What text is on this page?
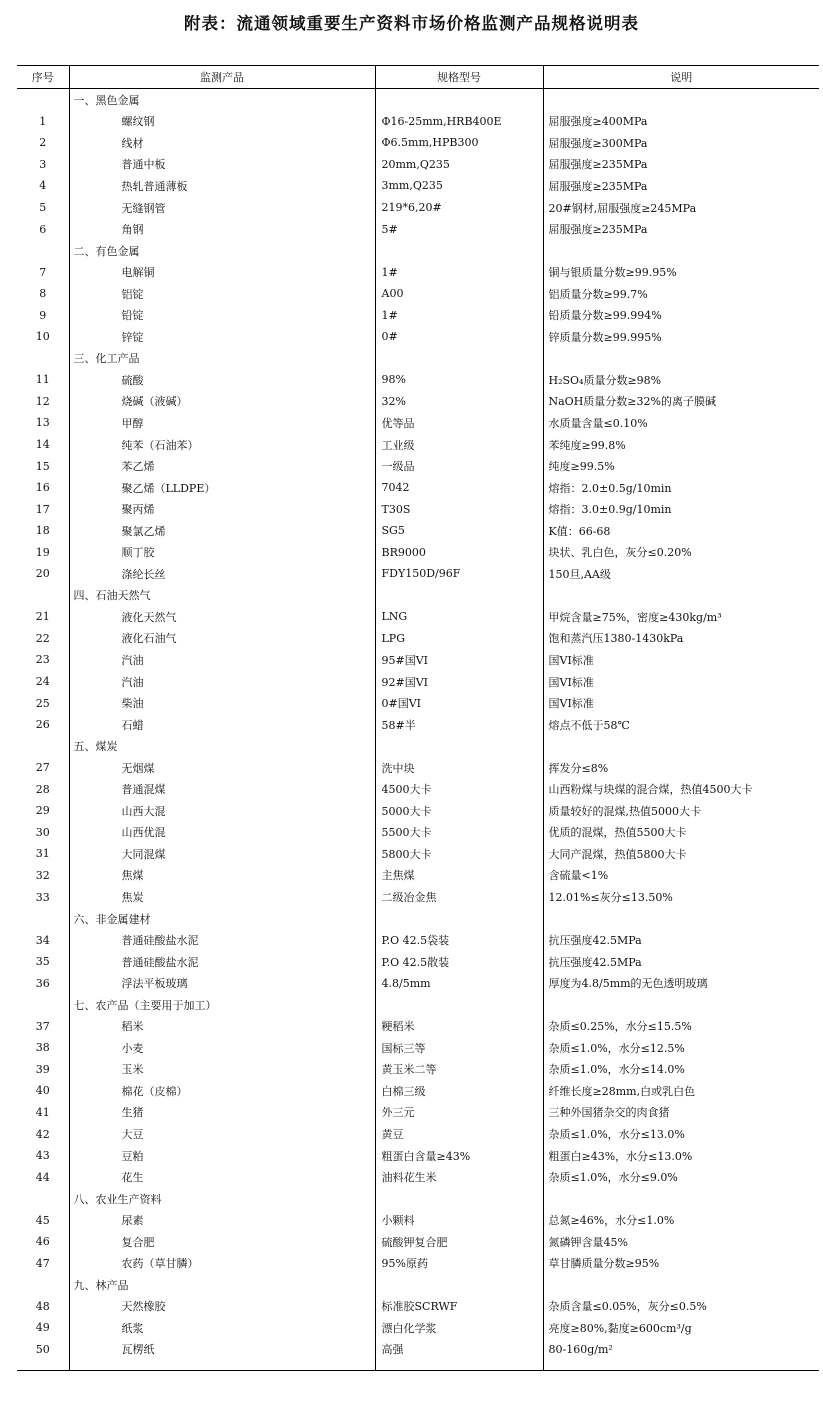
附表：流通领域重要生产资料市场价格监测产品规格说明表
序号	监测产品	规格型号	说明
	一、黑色金属		
1	螺纹钢	Φ16-25mm,HRB400E	屈服强度≥400MPa
2	线材	Φ6.5mm,HPB300	屈服强度≥300MPa
3	普通中板	20mm,Q235	屈服强度≥235MPa
4	热轧普通薄板	3mm,Q235	屈服强度≥235MPa
5	无缝钢管	219*6,20#	20#钢材,屈服强度≥245MPa
6	角钢	5#	屈服强度≥235MPa
	二、有色金属		
7	电解铜	1#	铜与银质量分数≥99.95%
8	铝锭	A00	铝质量分数≥99.7%
9	铅锭	1#	铅质量分数≥99.994%
10	锌锭	0#	锌质量分数≥99.995%
	三、化工产品		
11	硫酸	98%	H₂SO₄质量分数≥98%
12	烧碱（液碱）	32%	NaOH质量分数≥32%的离子膜碱
13	甲醇	优等品	水质量含量≤0.10%
14	纯苯（石油苯）	工业级	苯纯度≥99.8%
15	苯乙烯	一级品	纯度≥99.5%
16	聚乙烯（LLDPE）	7042	熔指：2.0±0.5g/10min
17	聚丙烯	T30S	熔指：3.0±0.9g/10min
18	聚氯乙烯	SG5	K值：66-68
19	顺丁胶	BR9000	块状、乳白色，灰分≤0.20%
20	涤纶长丝	FDY150D/96F	150旦,AA级
	四、石油天然气		
21	液化天然气	LNG	甲烷含量≥75%，密度≥430kg/m³
22	液化石油气	LPG	饱和蒸汽压1380-1430kPa
23	汽油	95#国VI	国VI标准
24	汽油	92#国VI	国VI标准
25	柴油	0#国VI	国VI标准
26	石蜡	58#半	熔点不低于58℃
	五、煤炭		
27	无烟煤	洗中块	挥发分≤8%
28	普通混煤	4500大卡	山西粉煤与块煤的混合煤，热值4500大卡
29	山西大混	5000大卡	质量较好的混煤,热值5000大卡
30	山西优混	5500大卡	优质的混煤，热值5500大卡
31	大同混煤	5800大卡	大同产混煤，热值5800大卡
32	焦煤	主焦煤	含硫量<1%
33	焦炭	二级冶金焦	12.01%≤灰分≤13.50%
	六、非金属建材		
34	普通硅酸盐水泥	P.O 42.5袋装	抗压强度42.5MPa
35	普通硅酸盐水泥	P.O 42.5散装	抗压强度42.5MPa
36	浮法平板玻璃	4.8/5mm	厚度为4.8/5mm的无色透明玻璃
	七、农产品（主要用于加工）		
37	稻米	粳稻米	杂质≤0.25%，水分≤15.5%
38	小麦	国标三等	杂质≤1.0%，水分≤12.5%
39	玉米	黄玉米二等	杂质≤1.0%，水分≤14.0%
40	棉花（皮棉）	白棉三级	纤维长度≥28mm,白或乳白色
41	生猪	外三元	三种外国猪杂交的肉食猪
42	大豆	黄豆	杂质≤1.0%，水分≤13.0%
43	豆粕	粗蛋白含量≥43%	粗蛋白≥43%，水分≤13.0%
44	花生	油料花生米	杂质≤1.0%，水分≤9.0%
	八、农业生产资料		
45	尿素	小颗料	总氮≥46%，水分≤1.0%
46	复合肥	硫酸钾复合肥	氮磷钾含量45%
47	农药（草甘膦）	95%原药	草甘膦质量分数≥95%
	九、林产品		
48	天然橡胶	标准胶SCRWF	杂质含量≤0.05%，灰分≤0.5%
49	纸浆	漂白化学浆	亮度≥80%,黏度≥600cm³/g
50	瓦楞纸	高强	80-160g/m²
